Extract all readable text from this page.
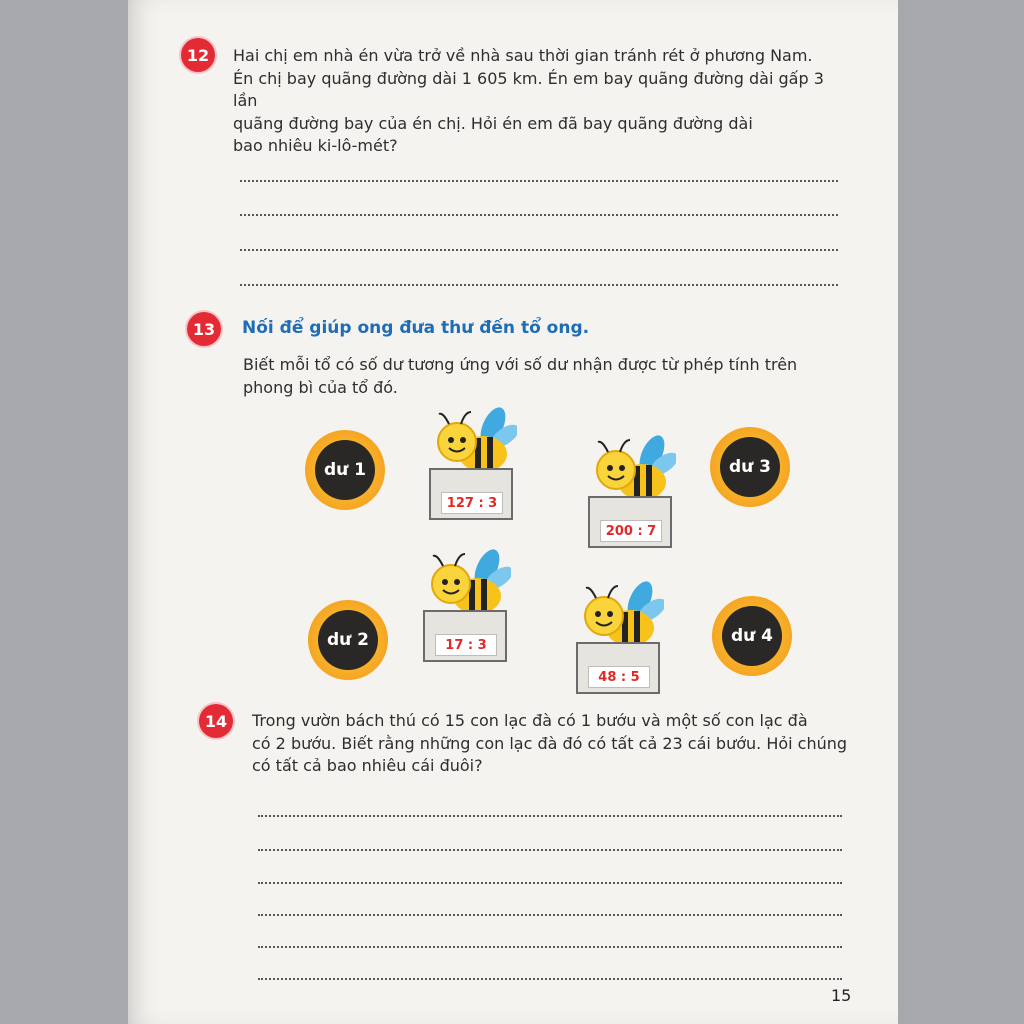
12	Hai chị em nhà én vừa trở về nhà sau thời gian tránh rét ở phương Nam.
Én chị bay quãng đường dài 1 605 km. Én em bay quãng đường dài gấp 3 lần
quãng đường bay của én chị. Hỏi én em đã bay quãng đường dài
bao nhiêu ki-lô-mét?
13	Nối để giúp ong đưa thư đến tổ ong.
Biết mỗi tổ có số dư tương ứng với số dư nhận được từ phép tính trên
phong bì của tổ đó.
dư 1	dư 3
dư 2	dư 4
127 : 3
200 : 7
17 : 3
48 : 5
14	Trong vườn bách thú có 15 con lạc đà có 1 bướu và một số con lạc đà
có 2 bướu. Biết rằng những con lạc đà đó có tất cả 23 cái bướu. Hỏi chúng
có tất cả bao nhiêu cái đuôi?
15
